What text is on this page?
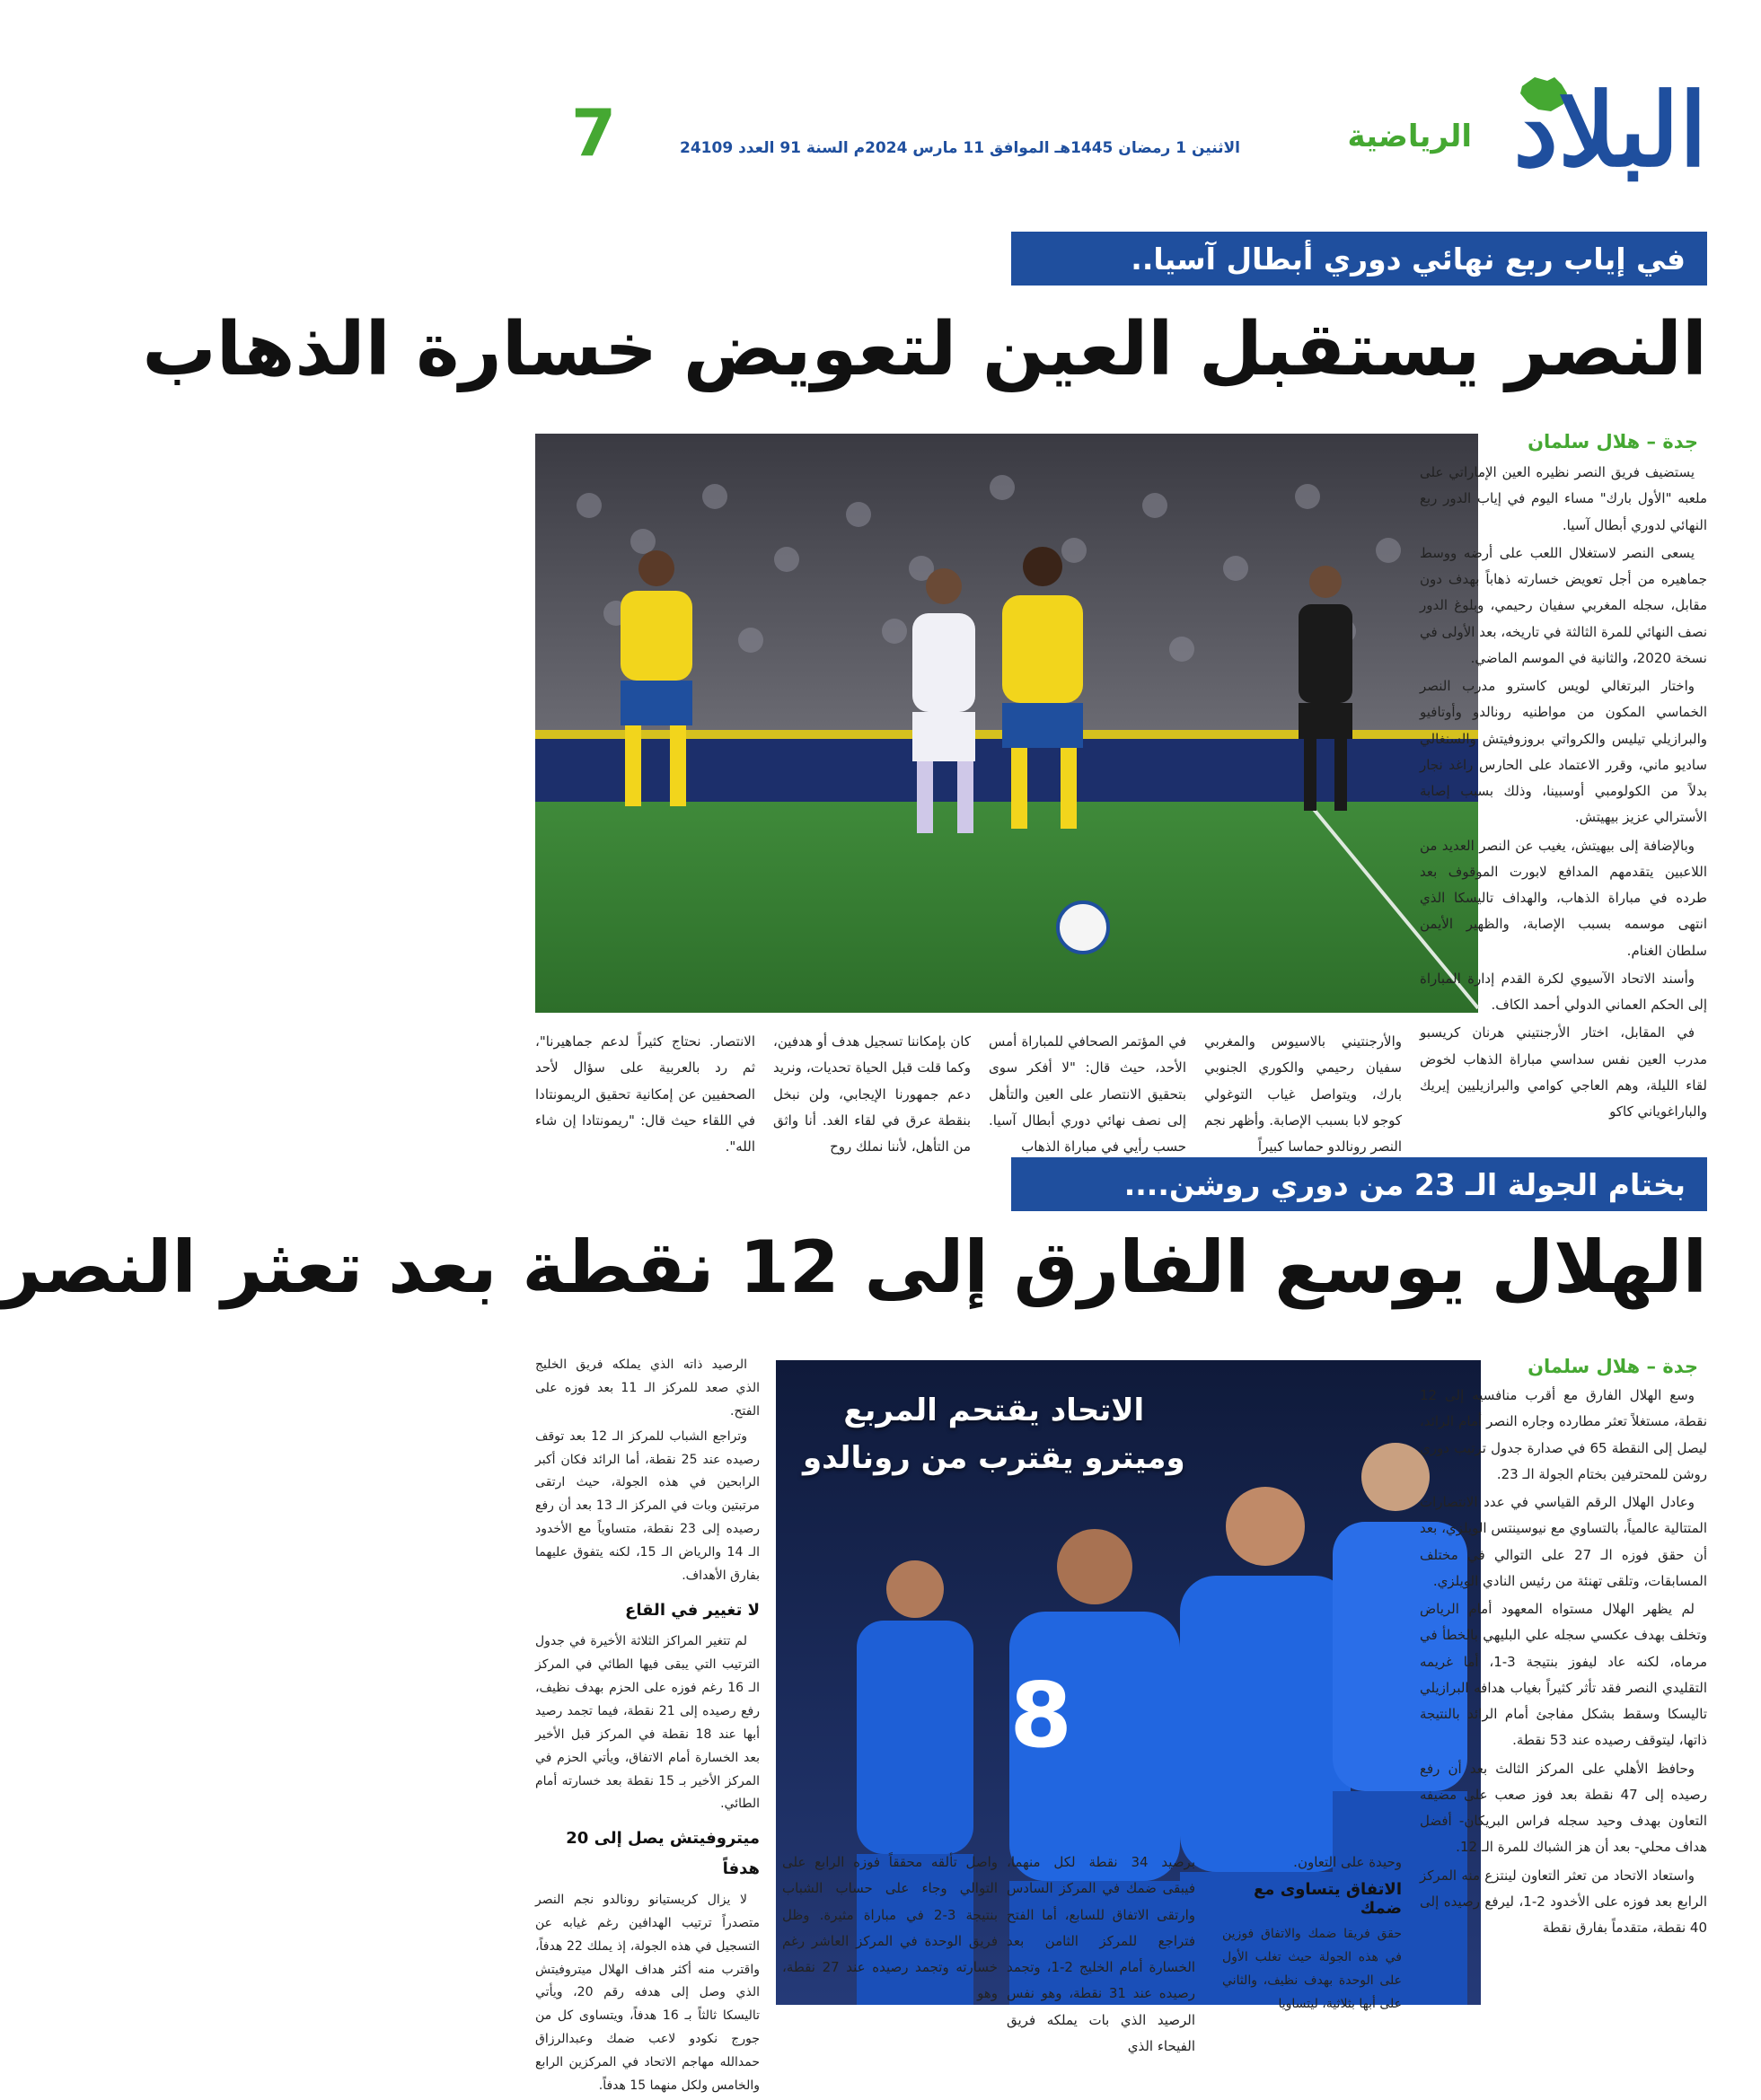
البلاد
الرياضية
الاثنين 1 رمضان 1445هـ الموافق 11 مارس 2024م السنة 91 العدد 24109
7
في إياب ربع نهائي دوري أبطال آسيا..
النصر يستقبل العين لتعويض خسارة الذهاب
جدة – هلال سلمان

يستضيف فريق النصر نظيره العين الإماراتي على ملعبه "الأول بارك" مساء اليوم في إياب الدور ربع النهائي لدوري أبطال آسيا.

يسعى النصر لاستغلال اللعب على أرضه ووسط جماهيره من أجل تعويض خسارته ذهاباً بهدف دون مقابل، سجله المغربي سفيان رحيمي، وبلوغ الدور نصف النهائي للمرة الثالثة في تاريخه، بعد الأولى في نسخة 2020، والثانية في الموسم الماضي.

واختار البرتغالي لويس كاسترو مدرب النصر الخماسي المكون من مواطنيه رونالدو وأوتافيو والبرازيلي تيليس والكرواتي بروزوفيتش والسنغالي ساديو ماني، وقرر الاعتماد على الحارس راغد نجار بدلاً من الكولومبي أوسبينا، وذلك بسبب إصابة الأسترالي عزيز بيهيتش.

وبالإضافة إلى بيهيتش، يغيب عن النصر العديد من اللاعبين يتقدمهم المدافع لابورت الموقوف بعد طرده في مباراة الذهاب، والهداف تاليسكا الذي انتهى موسمه بسبب الإصابة، والظهير الأيمن سلطان الغنام.

وأسند الاتحاد الآسيوي لكرة القدم إدارة المباراة إلى الحكم العماني الدولي أحمد الكاف.

في المقابل، اختار الأرجنتيني هرنان كريسبو مدرب العين نفس سداسي مباراة الذهاب لخوض لقاء الليلة، وهم العاجي كوامي والبرازيليين إيريك والباراغوياني كاكو

والأرجنتيني بالاسيوس والمغربي سفيان رحيمي والكوري الجنوبي بارك، ويتواصل غياب التوغولي كوجو لابا بسبب الإصابة. وأظهر نجم النصر رونالدو حماسا كبيراً
في المؤتمر الصحافي للمباراة أمس الأحد، حيث قال: "لا أفكر سوى بتحقيق الانتصار على العين والتأهل إلى نصف نهائي دوري أبطال آسيا. حسب رأيي في مباراة الذهاب
كان بإمكاننا تسجيل هدف أو هدفين، وكما قلت قبل الحياة تحديات، ونريد دعم جمهورنا الإيجابي، ولن نبخل بنقطة عرق في لقاء الغد. أنا واثق من التأهل، لأننا نملك روح
الانتصار. نحتاج كثيراً لدعم جماهيرنا"، ثم رد بالعربية على سؤال لأحد الصحفيين عن إمكانية تحقيق الريمونتادا في اللقاء حيث قال: "ريمونتادا إن شاء الله".
بختام الجولة الـ 23 من دوري روشن....
الهلال يوسع الفارق إلى 12 نقطة بعد تعثر النصر
8
الاتحاد يقتحم المربع
وميترو يقترب من رونالدو
جدة – هلال سلمان

وسع الهلال الفارق مع أقرب منافسيه إلى 12 نقطة، مستغلاً تعثر مطارده وجاره النصر أمام الرائد، ليصل إلى النقطة 65 في صدارة جدول ترتيب دوري روشن للمحترفين بختام الجولة الـ 23.

وعادل الهلال الرقم القياسي في عدد الانتصارات المتتالية عالمياً، بالتساوي مع نيوسينتس الويلزي، بعد أن حقق فوزه الـ 27 على التوالي في مختلف المسابقات، وتلقى تهنئة من رئيس النادي الويلزي.

لم يظهر الهلال مستواه المعهود أمام الرياض وتخلف بهدف عكسي سجله علي البليهي بالخطأ في مرماه، لكنه عاد ليفوز بنتيجة 3-1، أما غريمه التقليدي النصر فقد تأثر كثيراً بغياب هدافه البرازيلي تاليسكا وسقط بشكل مفاجئ أمام الرائد بالنتيجة ذاتها، ليتوقف رصيده عند 53 نقطة.

وحافظ الأهلي على المركز الثالث بعد أن رفع رصيده إلى 47 نقطة بعد فوز صعب على مضيفه التعاون بهدف وحيد سجله فراس البريكان- أفضل هداف محلي- بعد أن هز الشباك للمرة الـ 12.

واستعاد الاتحاد من تعثر التعاون لينتزع منه المركز الرابع بعد فوزه على الأخدود 2-1، ليرفع رصيده إلى 40 نقطة، متقدماً بفارق نقطة

الرصيد ذاته الذي يملكه فريق الخليج الذي صعد للمركز الـ 11 بعد فوزه على الفتح.

وتراجع الشباب للمركز الـ 12 بعد توقف رصيده عند 25 نقطة، أما الرائد فكان أكبر الرابحين في هذه الجولة، حيث ارتقى مرتبتين وبات في المركز الـ 13 بعد أن رفع رصيده إلى 23 نقطة، متساوياً مع الأخدود الـ 14 والرياض الـ 15، لكنه يتفوق عليهما بفارق الأهداف.

لا تغيير في القاع

لم تتغير المراكز الثلاثة الأخيرة في جدول الترتيب التي يبقى فيها الطائي في المركز الـ 16 رغم فوزه على الحزم بهدف نظيف، رفع رصيده إلى 21 نقطة، فيما تجمد رصيد أبها عند 18 نقطة في المركز قبل الأخير بعد الخسارة أمام الاتفاق، ويأتي الحزم في المركز الأخير بـ 15 نقطة بعد خسارته أمام الطائي.

ميتروفيتش يصل إلى 20 هدفاً

لا يزال كريستيانو رونالدو نجم النصر متصدراً ترتيب الهدافين رغم غيابه عن التسجيل في هذه الجولة، إذ يملك 22 هدفاً، واقترب منه أكثر هداف الهلال ميتروفيتش الذي وصل إلى هدفه رقم 20، ويأتي تاليسكا ثالثاً بـ 16 هدفاً، ويتساوى كل من جورج نكودو لاعب ضمك وعبدالرزاق حمدالله مهاجم الاتحاد في المركزين الرابع والخامس ولكل منهما 15 هدفاً.

واصل تألقه محققاً فوزه الرابع على التوالي وجاء على حساب الشباب بنتيجة 3-2 في مباراة مثيرة. وظل فريق الوحدة في المركز العاشر رغم خسارته وتجمد رصيده عند 27 نقطة، وهو
برصيد 34 نقطة لكل منهما، فيبقى ضمك في المركز السادس وارتقى الاتفاق للسابع، أما الفتح فتراجع للمركز الثامن بعد الخسارة أمام الخليج 2-1، وتجمد رصيده عند 31 نقطة، وهو نفس الرصيد الذي بات يملكه فريق الفيحاء الذي
وحيدة على التعاون.
الاتفاق يتساوى مع ضمك
حقق فريقا ضمك والاتفاق فوزين في هذه الجولة حيث تغلب الأول على الوحدة بهدف نظيف، والثاني على أبها بثلاثية، ليتساويا
